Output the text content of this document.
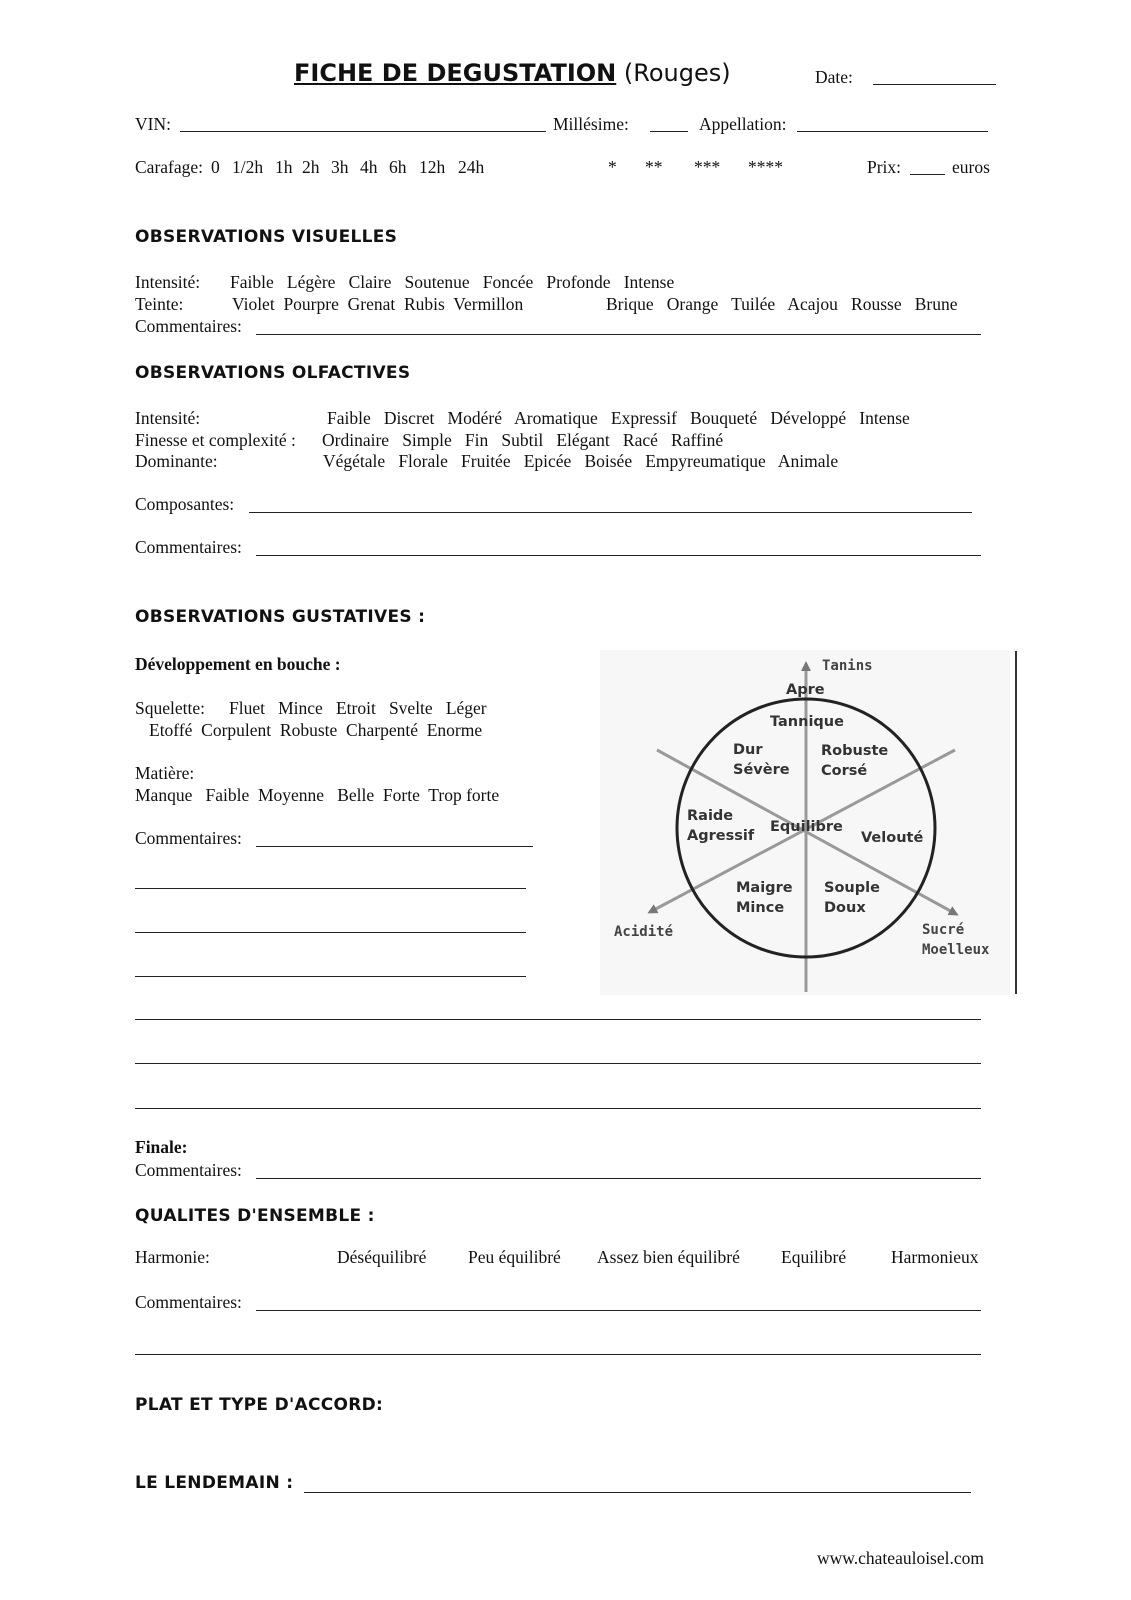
FICHE DE DEGUSTATION (Rouges)	Date:
VIN:	Millésime:	Appellation:
Carafage: 0 1/2h 1h 2h 3h 4h 6h 12h 24h	* ** *** ****	Prix:	euros
OBSERVATIONS VISUELLES
Intensité: Faible Légère Claire Soutenue Foncée Profonde Intense
Teinte:	Violet Pourpre Grenat Rubis Vermillon	Brique Orange Tuilée Acajou Rousse Brune
Commentaires:
OBSERVATIONS OLFACTIVES
Intensité:	Faible Discret Modéré Aromatique Expressif Bouqueté Développé Intense
Finesse et complexité : Ordinaire Simple Fin Subtil Elégant Racé Raffiné
Dominante:	Végétale Florale Fruitée Epicée Boisée Empyreumatique Animale
Composantes:
Commentaires:
OBSERVATIONS GUSTATIVES :
Développement en bouche :
Squelette: Fluet Mince Etroit Svelte Léger
Etoffé Corpulent Robuste Charpenté Enorme
Matière:
Manque Faible Moyenne Belle Forte Trop forte
Commentaires:
Tanins
Apre
Tannique
Dur
Sévère
Robuste
Corsé
Raide
Agressif
Equilibre
Velouté
Maigre
Mince
Souple
Doux
Acidité	Sucré
Moelleux
Finale:
Commentaires:
QUALITES D'ENSEMBLE :
Harmonie:	Déséquilibré Peu équilibré Assez bien équilibré Equilibré	Harmonieux
Commentaires:
PLAT ET TYPE D'ACCORD:
LE LENDEMAIN :
www.chateauloisel.com
